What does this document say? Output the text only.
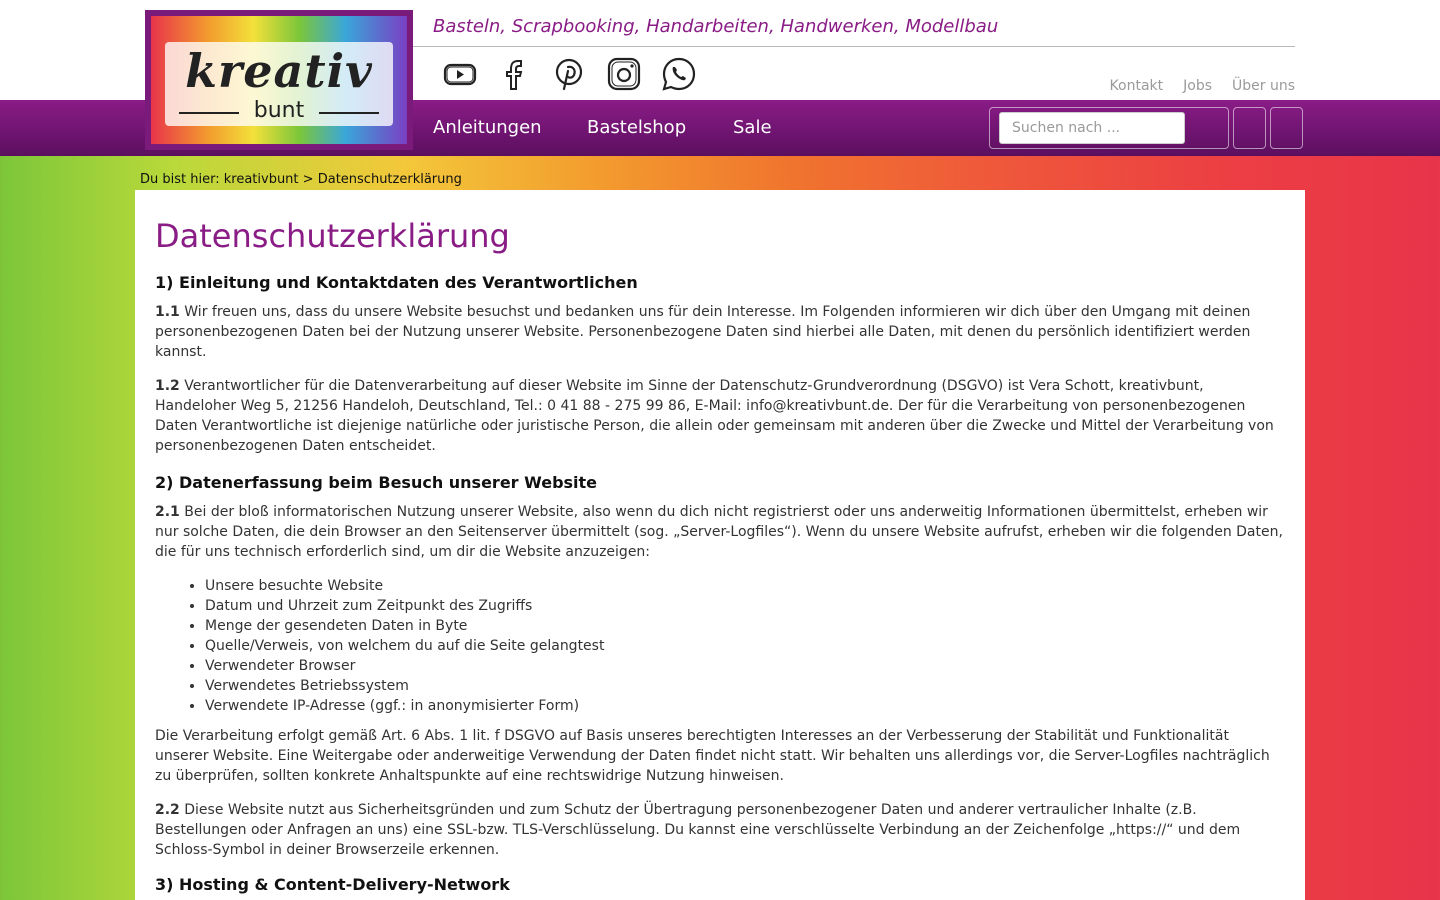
kreativ
bunt
Basteln, Scrapbooking, Handarbeiten, Handwerken, Modellbau
Kontakt Jobs Über uns
Anleitungen	Bastelshop	Sale
Suchen nach ...
Du bist hier: kreativbunt > Datenschutzerklärung
Datenschutzerklärung
1) Einleitung und Kontaktdaten des Verantwortlichen

1.1 Wir freuen uns, dass du unsere Website besuchst und bedanken uns für dein Interesse. Im Folgenden informieren wir dich über den Umgang mit deinen personenbezogenen Daten bei der Nutzung unserer Website. Personenbezogene Daten sind hierbei alle Daten, mit denen du persönlich identifiziert werden kannst.

1.2 Verantwortlicher für die Datenverarbeitung auf dieser Website im Sinne der Datenschutz-Grundverordnung (DSGVO) ist Vera Schott, kreativbunt, Handeloher Weg 5, 21256 Handeloh, Deutschland, Tel.: 0 41 88 - 275 99 86, E-Mail: info@kreativbunt.de. Der für die Verarbeitung von personenbezogenen Daten Verantwortliche ist diejenige natürliche oder juristische Person, die allein oder gemeinsam mit anderen über die Zwecke und Mittel der Verarbeitung von personenbezogenen Daten entscheidet.

2) Datenerfassung beim Besuch unserer Website

2.1 Bei der bloß informatorischen Nutzung unserer Website, also wenn du dich nicht registrierst oder uns anderweitig Informationen übermittelst, erheben wir nur solche Daten, die dein Browser an den Seitenserver übermittelt (sog. „Server-Logfiles“). Wenn du unsere Website aufrufst, erheben wir die folgenden Daten, die für uns technisch erforderlich sind, um dir die Website anzuzeigen:

• Unsere besuchte Website
• Datum und Uhrzeit zum Zeitpunkt des Zugriffs
• Menge der gesendeten Daten in Byte
• Quelle/Verweis, von welchem du auf die Seite gelangtest
• Verwendeter Browser
• Verwendetes Betriebssystem
• Verwendete IP-Adresse (ggf.: in anonymisierter Form)

Die Verarbeitung erfolgt gemäß Art. 6 Abs. 1 lit. f DSGVO auf Basis unseres berechtigten Interesses an der Verbesserung der Stabilität und Funktionalität unserer Website. Eine Weitergabe oder anderweitige Verwendung der Daten findet nicht statt. Wir behalten uns allerdings vor, die Server-Logfiles nachträglich zu überprüfen, sollten konkrete Anhaltspunkte auf eine rechtswidrige Nutzung hinweisen.

2.2 Diese Website nutzt aus Sicherheitsgründen und zum Schutz der Übertragung personenbezogener Daten und anderer vertraulicher Inhalte (z.B. Bestellungen oder Anfragen an uns) eine SSL-bzw. TLS-Verschlüsselung. Du kannst eine verschlüsselte Verbindung an der Zeichenfolge „https://“ und dem Schloss-Symbol in deiner Browserzeile erkennen.

3) Hosting & Content-Delivery-Network
